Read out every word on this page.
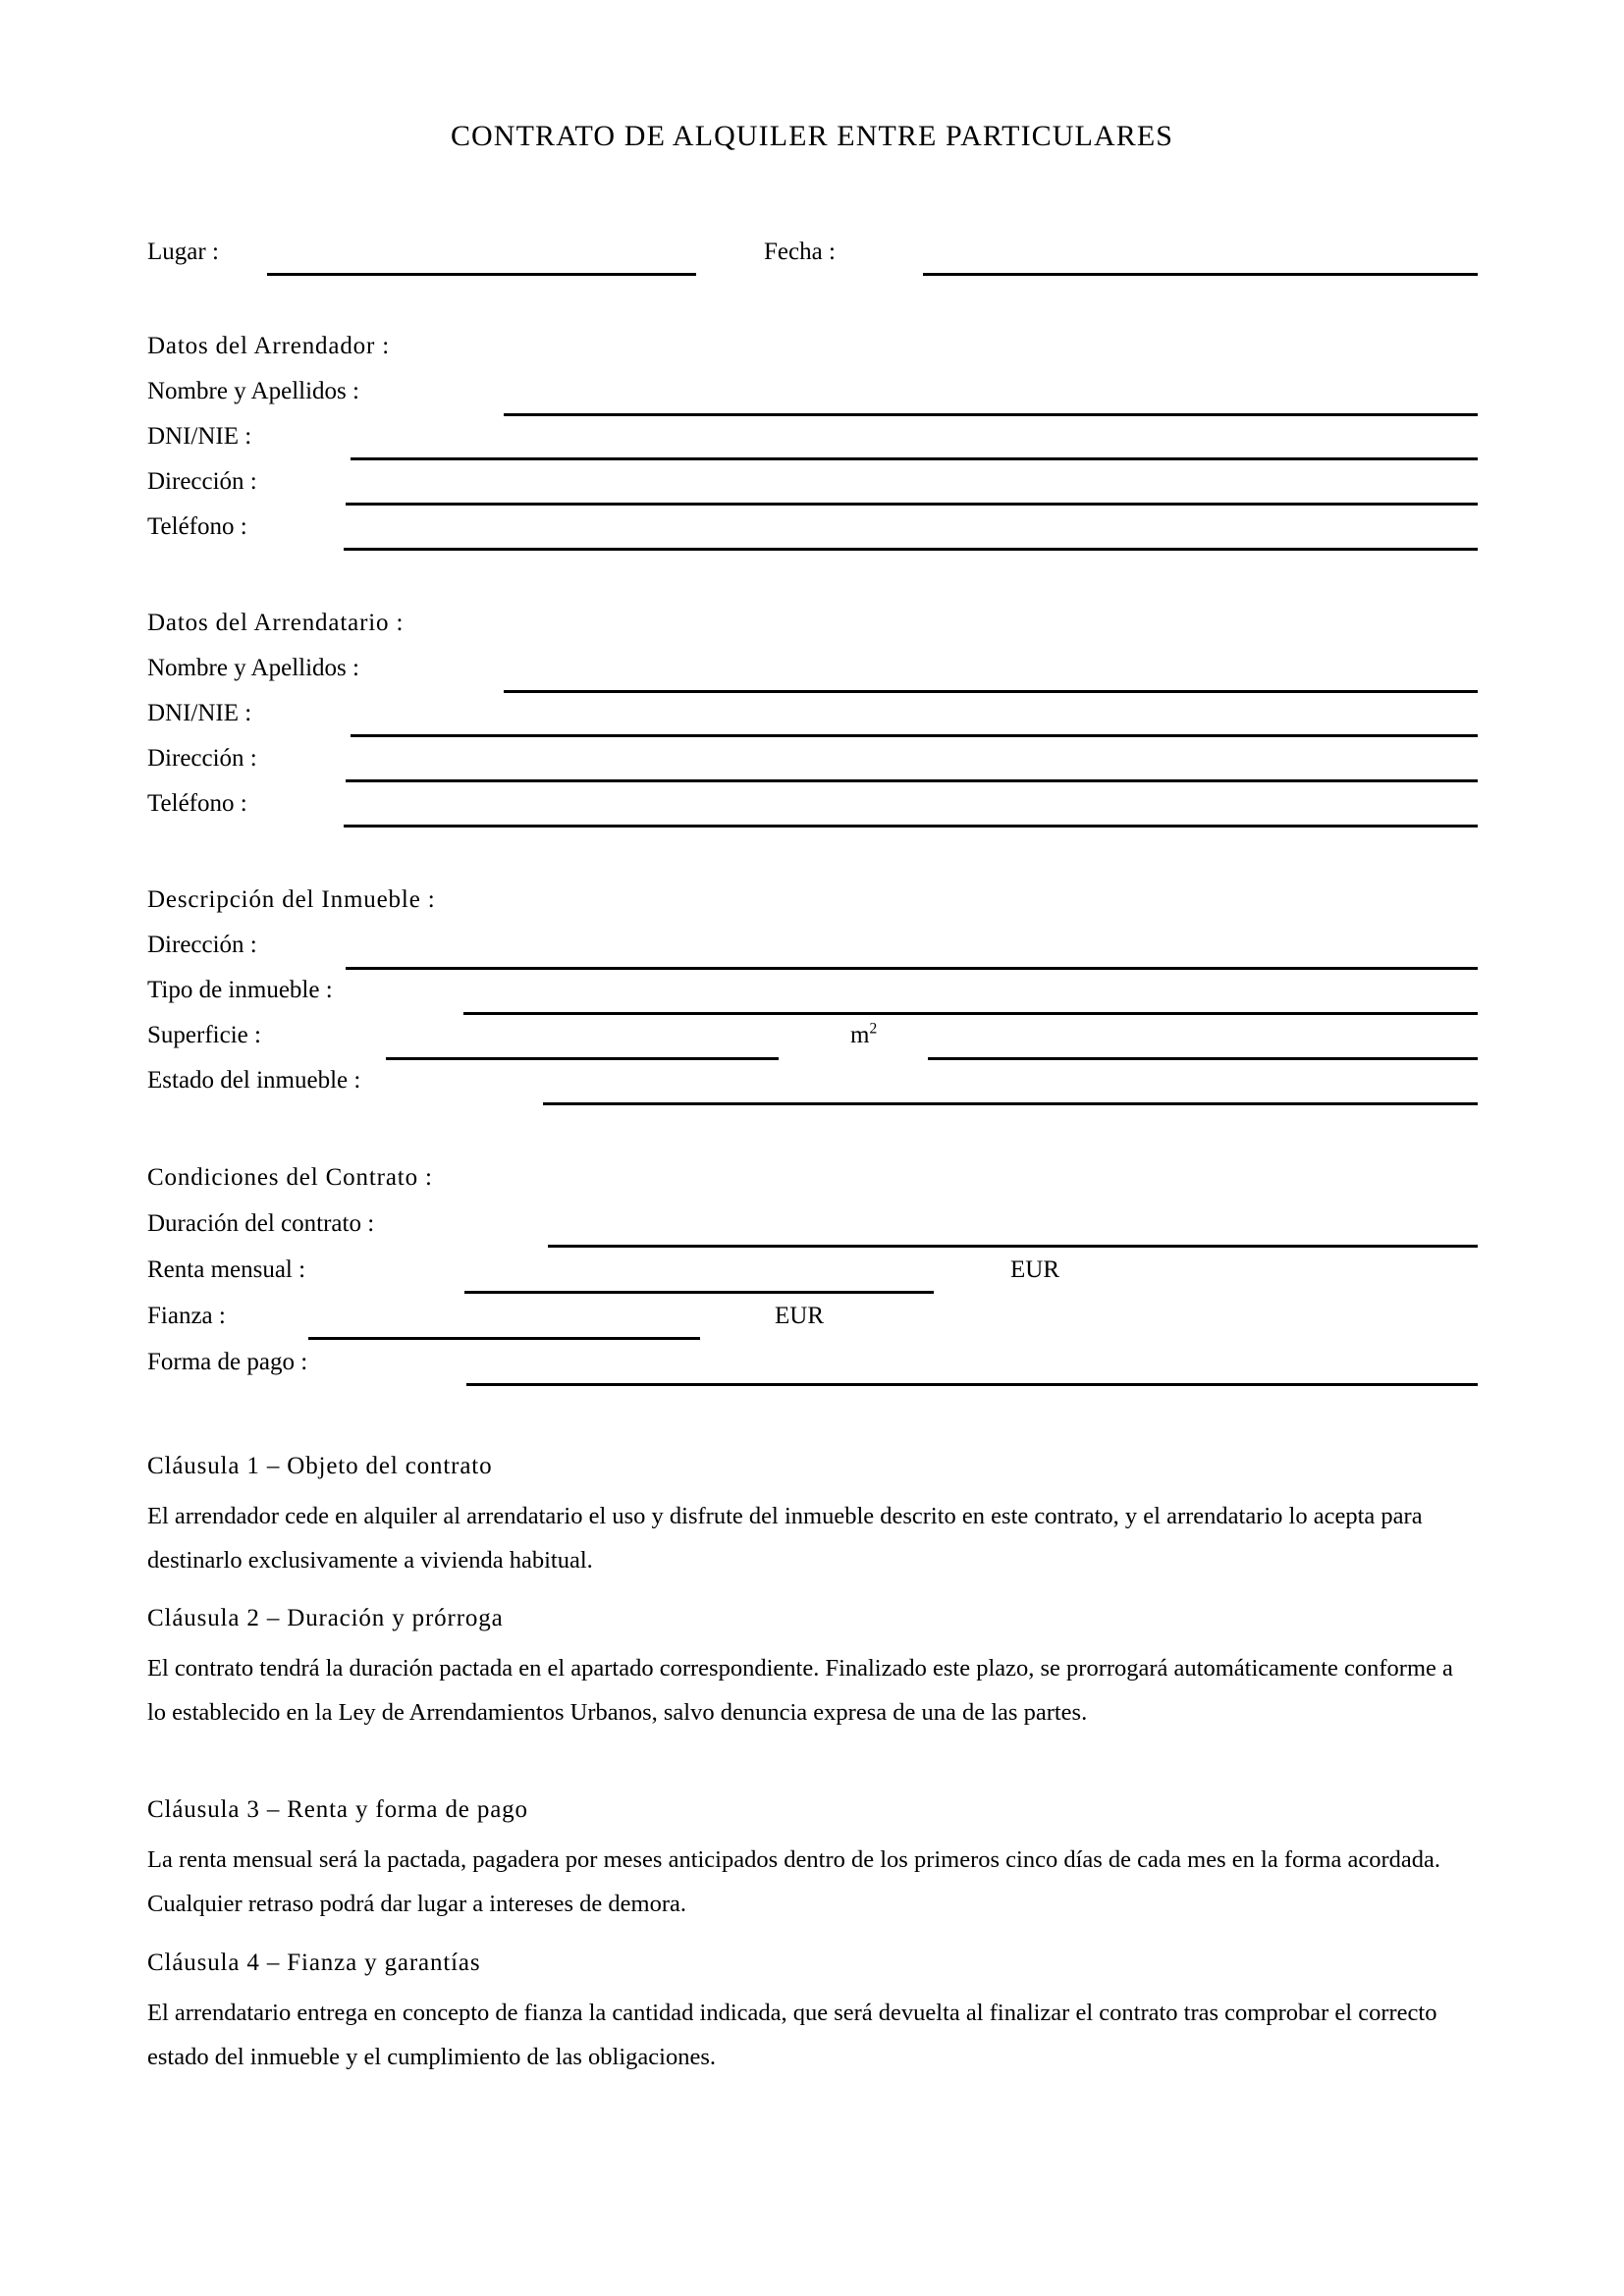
CONTRATO DE ALQUILER ENTRE PARTICULARES
Lugar :	Fecha :
Datos del Arrendador :
Nombre y Apellidos :
DNI/NIE :
Dirección :
Teléfono :
Datos del Arrendatario :
Nombre y Apellidos :
DNI/NIE :
Dirección :
Teléfono :
Descripción del Inmueble :
Dirección :
Tipo de inmueble :
Superficie :	$m^2$
Estado del inmueble :
Condiciones del Contrato :
Duración del contrato :
Renta mensual :	EUR
Fianza :	EUR
Forma de pago :
Cláusula 1 – Objeto del contrato
El arrendador cede en alquiler al arrendatario el uso y disfrute del inmueble descrito en este contrato, y el arrendatario lo acepta para destinarlo exclusivamente a vivienda habitual.
Cláusula 2 – Duración y prórroga
El contrato tendrá la duración pactada en el apartado correspondiente. Finalizado este plazo, se prorrogará automáticamente conforme a lo establecido en la Ley de Arrendamientos Urbanos, salvo denuncia expresa de una de las partes.
Cláusula 3 – Renta y forma de pago
La renta mensual será la pactada, pagadera por meses anticipados dentro de los primeros cinco días de cada mes en la forma acordada. Cualquier retraso podrá dar lugar a intereses de demora.
Cláusula 4 – Fianza y garantías
El arrendatario entrega en concepto de fianza la cantidad indicada, que será devuelta al finalizar el contrato tras comprobar el correcto estado del inmueble y el cumplimiento de las obligaciones.
